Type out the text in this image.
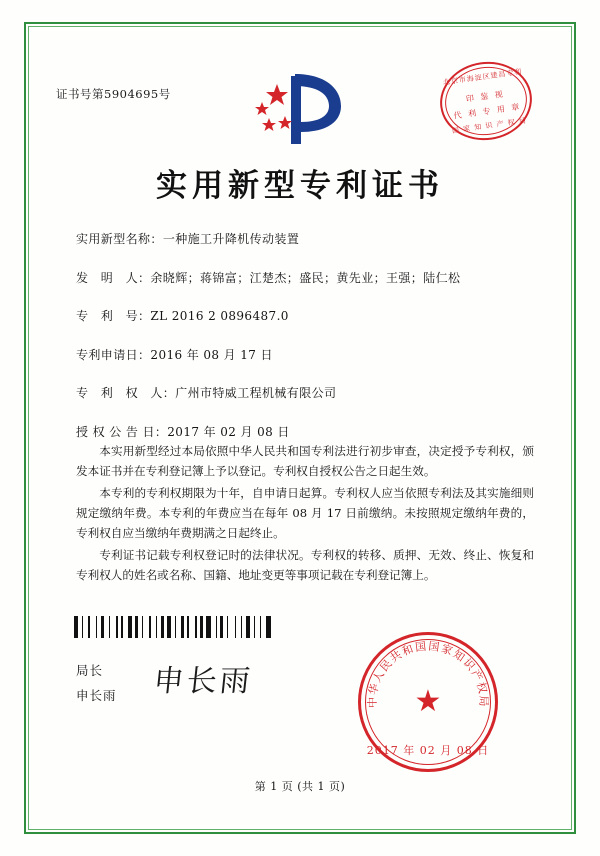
证书号第5904695号
北京市海淀区建昌专利
印 鉴 视
代 利 专 用 章
国 家 知 识 产 权 局
实用新型专利证书
实用新型名称：一种施工升降机传动装置
发　明　人：余晓辉；蒋锦富；江楚杰；盛民；黄先业；王强；陆仁松
专　利　号：ZL 2016 2 0896487.0
专利申请日：2016 年 08 月 17 日
专　利　权　人：广州市特威工程机械有限公司
授 权 公 告 日：2017 年 02 月 08 日
本实用新型经过本局依照中华人民共和国专利法进行初步审查，决定授予专利权，颁发本证书并在专利登记簿上予以登记。专利权自授权公告之日起生效。
本专利的专利权期限为十年，自申请日起算。专利权人应当依照专利法及其实施细则规定缴纳年费。本专利的年费应当在每年 08 月 17 日前缴纳。未按照规定缴纳年费的，专利权自应当缴纳年费期满之日起终止。
专利证书记载专利权登记时的法律状况。专利权的转移、质押、无效、终止、恢复和专利权人的姓名或名称、国籍、地址变更等事项记载在专利登记簿上。
局长
申长雨 申长雨
★
中华人民共和国国家知识产权局
2017 年 02 月 08 日
第 1 页 (共 1 页)
